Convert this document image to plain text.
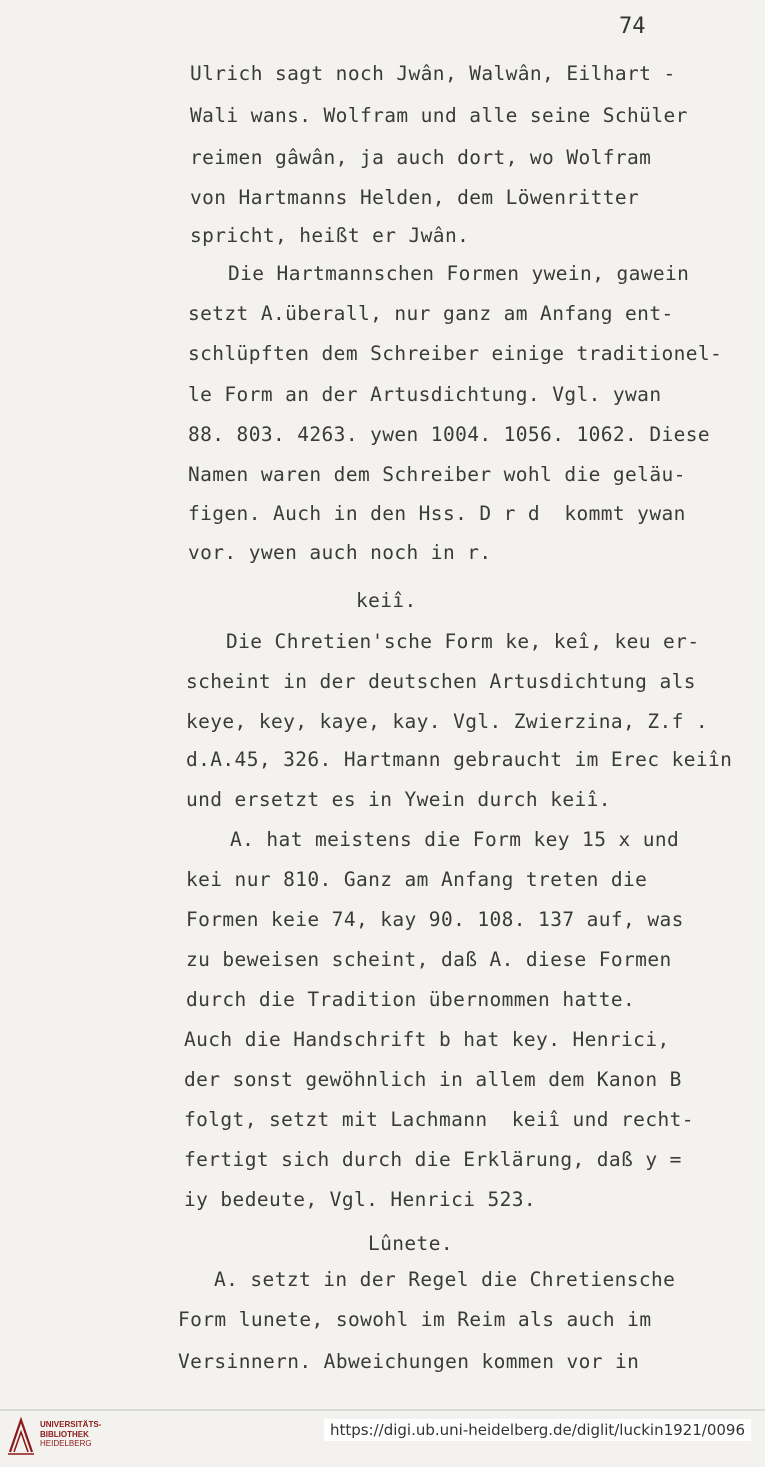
74
Ulrich sagt noch Jwân, Walwân, Eilhart -
Wali wans. Wolfram und alle seine Schüler
reimen gâwân, ja auch dort, wo Wolfram
von Hartmanns Helden, dem Löwenritter
spricht, heißt er Jwân.
Die Hartmannschen Formen ywein, gawein
setzt A.überall, nur ganz am Anfang ent-
schlüpften dem Schreiber einige traditionel-
le Form an der Artusdichtung. Vgl. ywan
88. 803. 4263. ywen 1004. 1056. 1062. Diese
Namen waren dem Schreiber wohl die geläu-
figen. Auch in den Hss. D r d  kommt ywan
vor. ywen auch noch in r.
keiî.
Die Chretien'sche Form ke, keî, keu er-
scheint in der deutschen Artusdichtung als
keye, key, kaye, kay. Vgl. Zwierzina, Z.f .
d.A.45, 326. Hartmann gebraucht im Erec keiîn
und ersetzt es in Ywein durch keiî.
A. hat meistens die Form key 15 x und
kei nur 810. Ganz am Anfang treten die
Formen keie 74, kay 90. 108. 137 auf, was
zu beweisen scheint, daß A. diese Formen
durch die Tradition übernommen hatte.
Auch die Handschrift b hat key. Henrici,
der sonst gewöhnlich in allem dem Kanon B
folgt, setzt mit Lachmann  keiî und recht-
fertigt sich durch die Erklärung, daß y =
iy bedeute, Vgl. Henrici 523.
Lûnete.
A. setzt in der Regel die Chretiensche
Form lunete, sowohl im Reim als auch im
Versinnern. Abweichungen kommen vor in
UNIVERSITÄTS-
BIBLIOTHEK
HEIDELBERG
https://digi.ub.uni-heidelberg.de/diglit/luckin1921/0096
